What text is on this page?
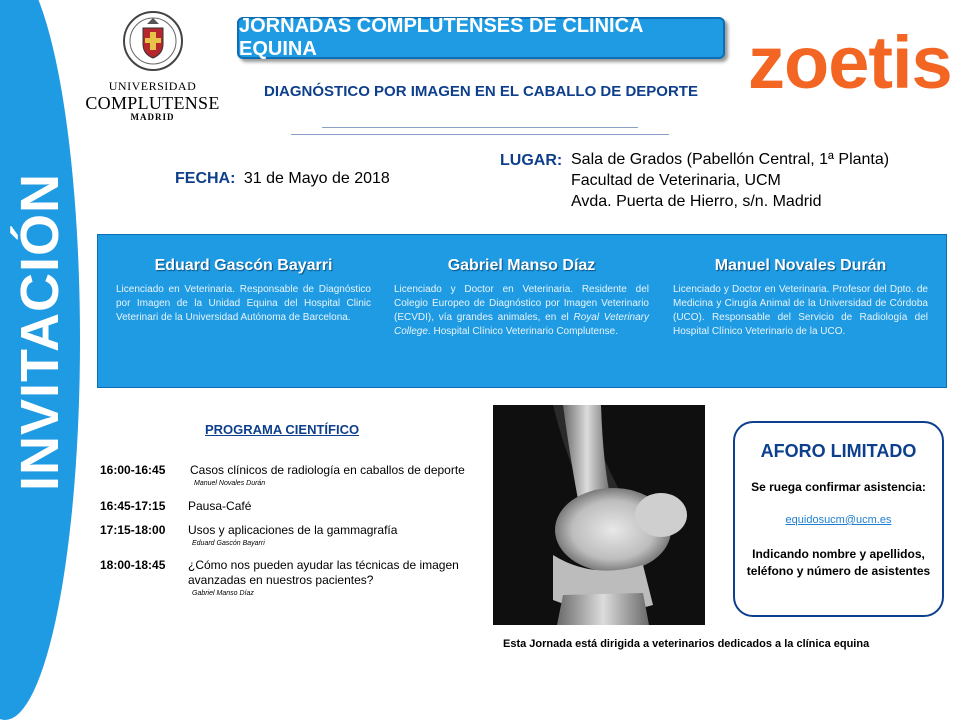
INVITACIÓN
UNIVERSIDAD
COMPLUTENSE
MADRID
JORNADAS COMPLUTENSES DE CLÍNICA EQUINA	zoetis
DIAGNÓSTICO POR IMAGEN EN EL CABALLO DE DEPORTE
FECHA: 31 de Mayo de 2018
LUGAR: Sala de Grados (Pabellón Central, 1ª Planta)
Facultad de Veterinaria, UCM
Avda. Puerta de Hierro, s/n. Madrid
Eduard Gascón Bayarri
Licenciado en Veterinaria. Responsable de Diagnóstico por Imagen de la Unidad Equina del Hospital Clinic Veterinari de la Universidad Autónoma de Barcelona.
Gabriel Manso Díaz
Licenciado y Doctor en Veterinaria. Residente del Colegio Europeo de Diagnóstico por Imagen Veterinario (ECVDI), vía grandes animales, en el Royal Veterinary College. Hospital Clínico Veterinario Complutense.
Manuel Novales Durán
Licenciado y Doctor en Veterinaria. Profesor del Dpto. de Medicina y Cirugía Animal de la Universidad de Córdoba (UCO). Responsable del Servicio de Radiología del Hospital Clínico Veterinario de la UCO.
PROGRAMA CIENTÍFICO
16:00-16:45 Casos clínicos de radiología en caballos de deporte
Manuel Novales Durán
16:45-17:15 Pausa-Café
17:15-18:00 Usos y aplicaciones de la gammagrafía
Eduard Gascón Bayarri
18:00-18:45 ¿Cómo nos pueden ayudar las técnicas de imagen
avanzadas en nuestros pacientes?
Gabriel Manso Díaz
AFORO LIMITADO
Se ruega confirmar asistencia:
equidosucm@ucm.es
Indicando nombre y apellidos,
teléfono y número de asistentes
Esta Jornada está dirigida a veterinarios dedicados a la clínica equina
